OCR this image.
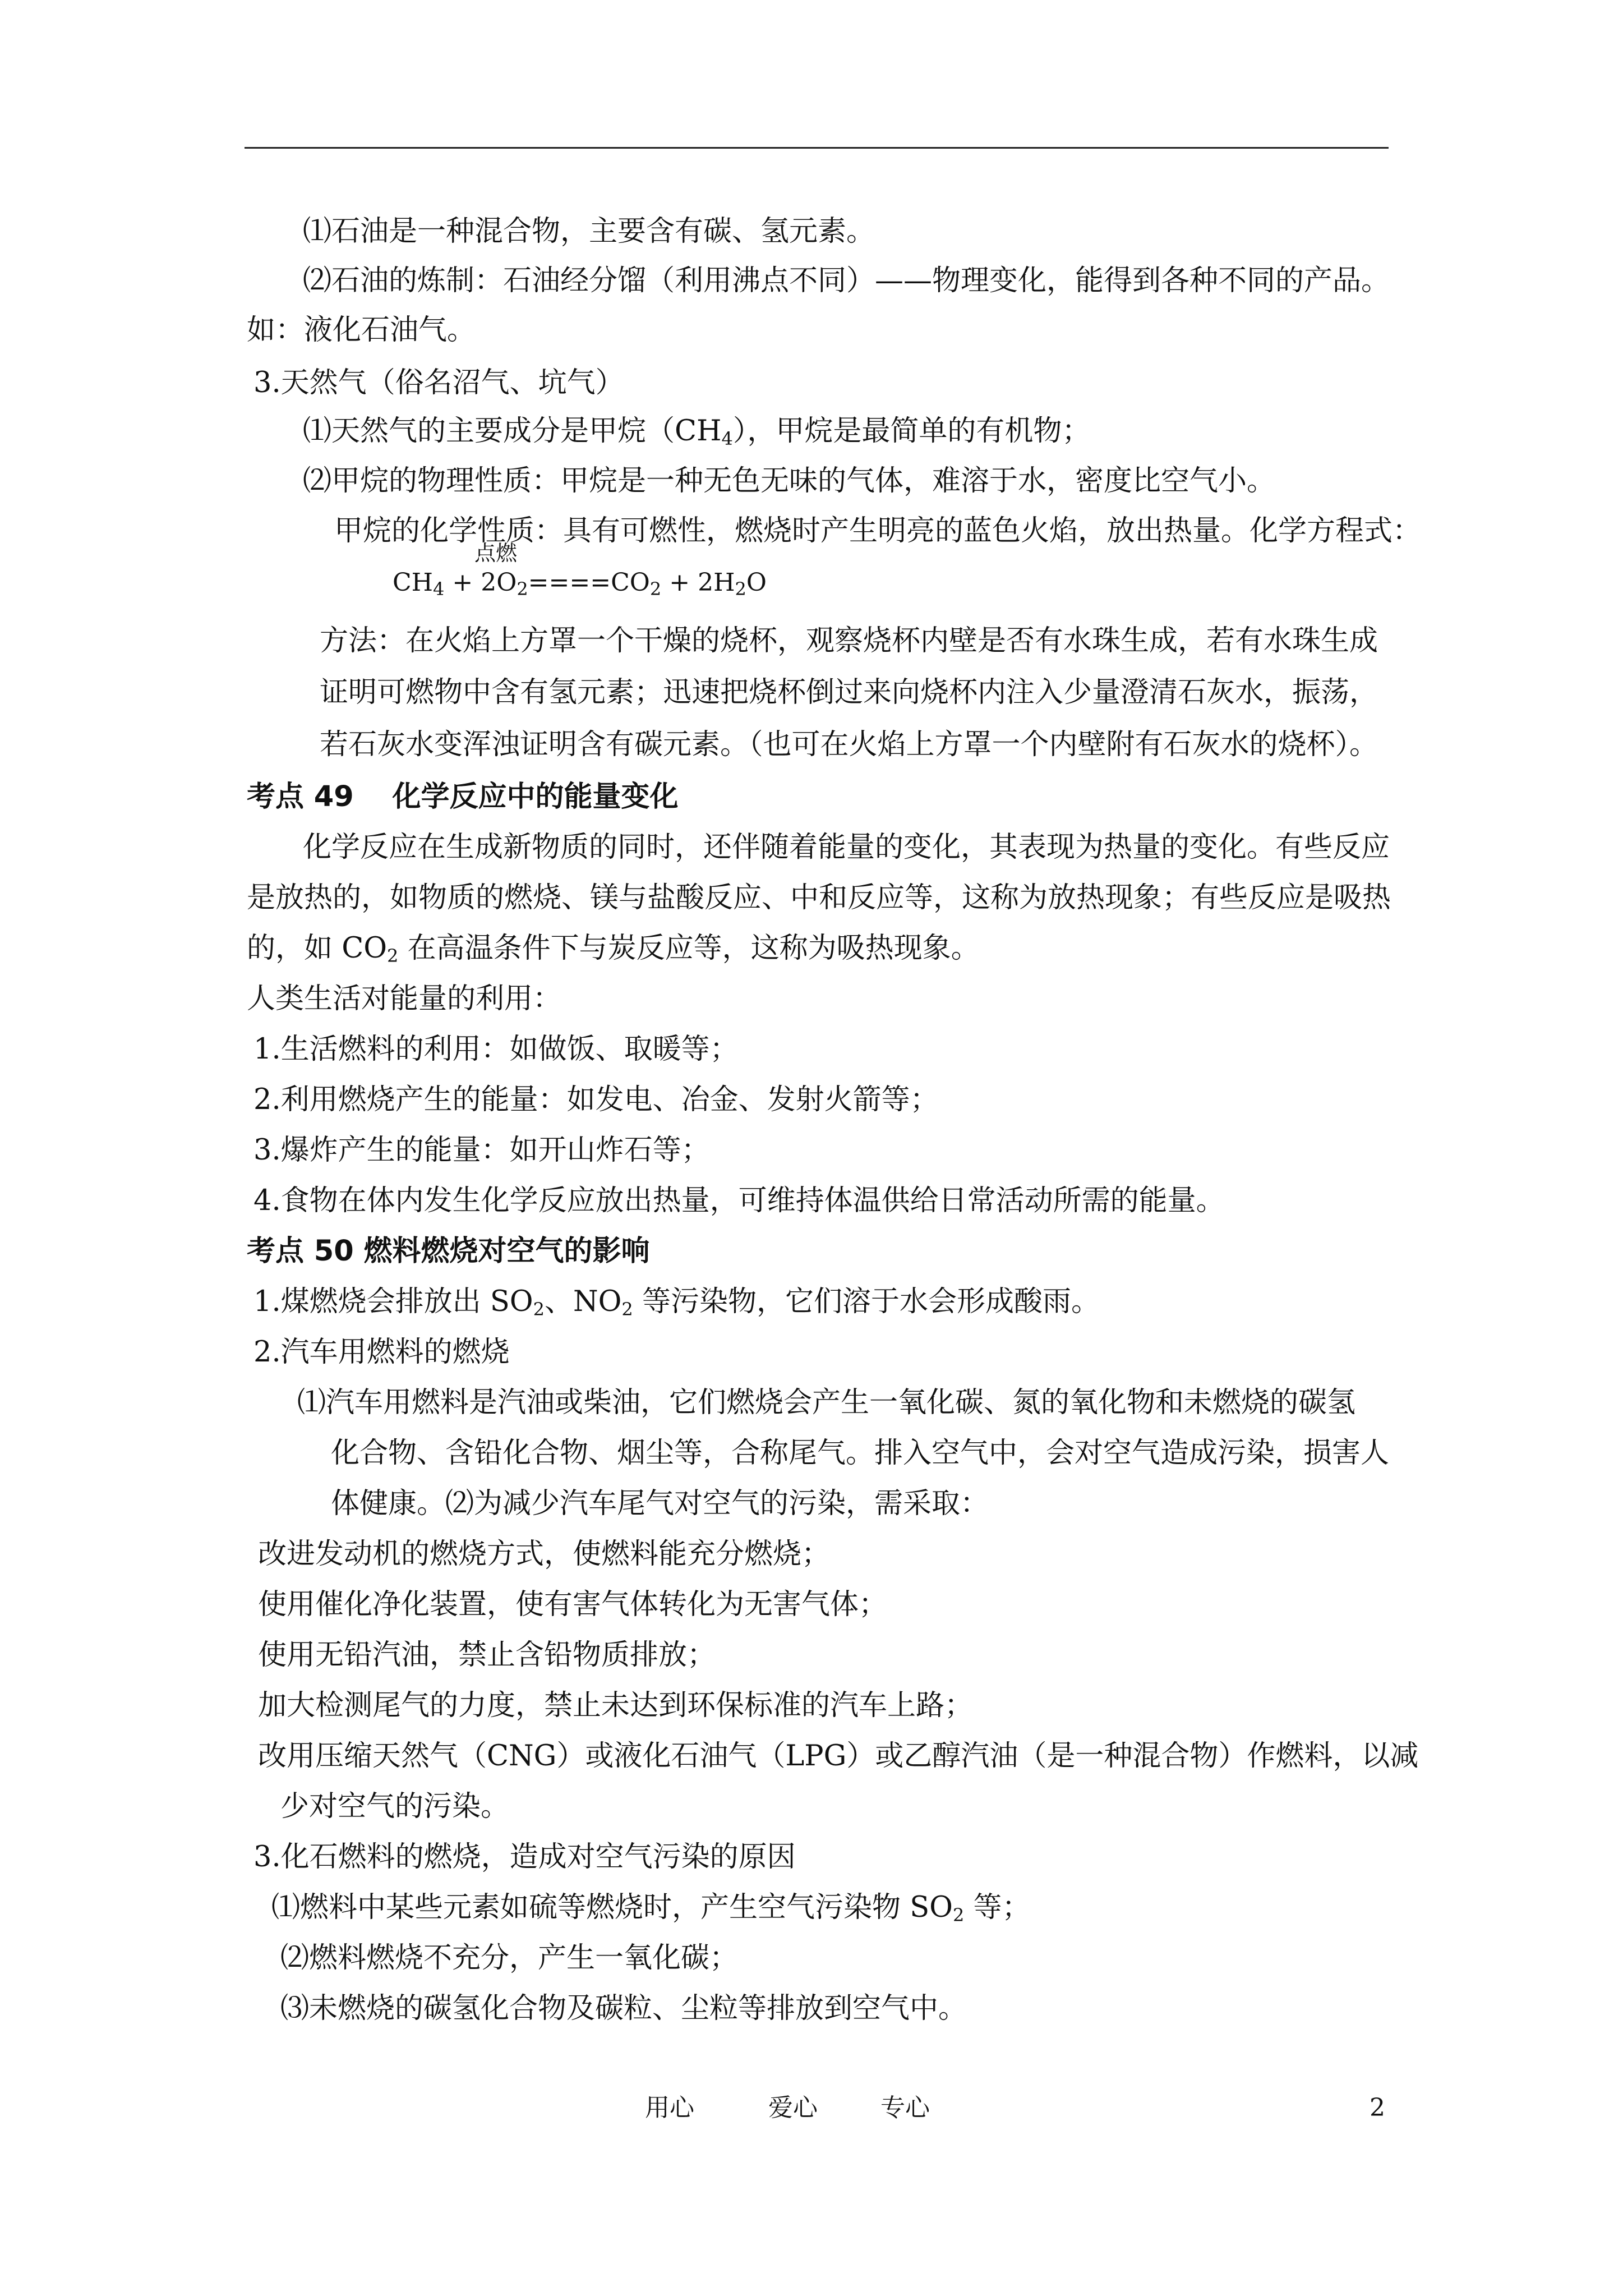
⑴石油是一种混合物，主要含有碳、氢元素。
⑵石油的炼制：石油经分馏（利用沸点不同）——物理变化，能得到各种不同的产品。
如：液化石油气。
3.天然气（俗名沼气、坑气）
⑴天然气的主要成分是甲烷$(CH_4)$，甲烷是最简单的有机物；
⑵甲烷的物理性质：甲烷是一种无色无味的气体，难溶于水，密度比空气小。
甲烷的化学性质：具有可燃性，燃烧时产生明亮的蓝色火焰，放出热量。化学方程式：
点燃
$CH_4 + 2O_2====CO_2 + 2H_2O$
方法：在火焰上方罩一个干燥的烧杯，观察烧杯内壁是否有水珠生成，若有水珠生成
证明可燃物中含有氢元素；迅速把烧杯倒过来向烧杯内注入少量澄清石灰水，振荡，
若石灰水变浑浊证明含有碳元素。（也可在火焰上方罩一个内壁附有石灰水的烧杯）。
考点 49　 化学反应中的能量变化
化学反应在生成新物质的同时，还伴随着能量的变化，其表现为热量的变化。有些反应
是放热的，如物质的燃烧、镁与盐酸反应、中和反应等，这称为放热现象；有些反应是吸热
的，如 $CO_2$ 在高温条件下与炭反应等，这称为吸热现象。
人类生活对能量的利用：
1.生活燃料的利用：如做饭、取暖等；
2.利用燃烧产生的能量：如发电、冶金、发射火箭等；
3.爆炸产生的能量：如开山炸石等；
4.食物在体内发生化学反应放出热量，可维持体温供给日常活动所需的能量。
考点 50 燃料燃烧对空气的影响
1.煤燃烧会排放出 $SO_2$、$NO_2$ 等污染物，它们溶于水会形成酸雨。
2.汽车用燃料的燃烧
⑴汽车用燃料是汽油或柴油，它们燃烧会产生一氧化碳、氮的氧化物和未燃烧的碳氢
化合物、含铅化合物、烟尘等，合称尾气。排入空气中，会对空气造成污染，损害人
体健康。⑵为减少汽车尾气对空气的污染，需采取：
改进发动机的燃烧方式，使燃料能充分燃烧；
使用催化净化装置，使有害气体转化为无害气体；
使用无铅汽油，禁止含铅物质排放；
加大检测尾气的力度，禁止未达到环保标准的汽车上路；
改用压缩天然气（CNG）或液化石油气（LPG）或乙醇汽油（是一种混合物）作燃料，以减
少对空气的污染。
3.化石燃料的燃烧，造成对空气污染的原因
⑴燃料中某些元素如硫等燃烧时，产生空气污染物 $SO_2$ 等；
⑵燃料燃烧不充分，产生一氧化碳；
⑶未燃烧的碳氢化合物及碳粒、尘粒等排放到空气中。
用心	爱心	专心	2
